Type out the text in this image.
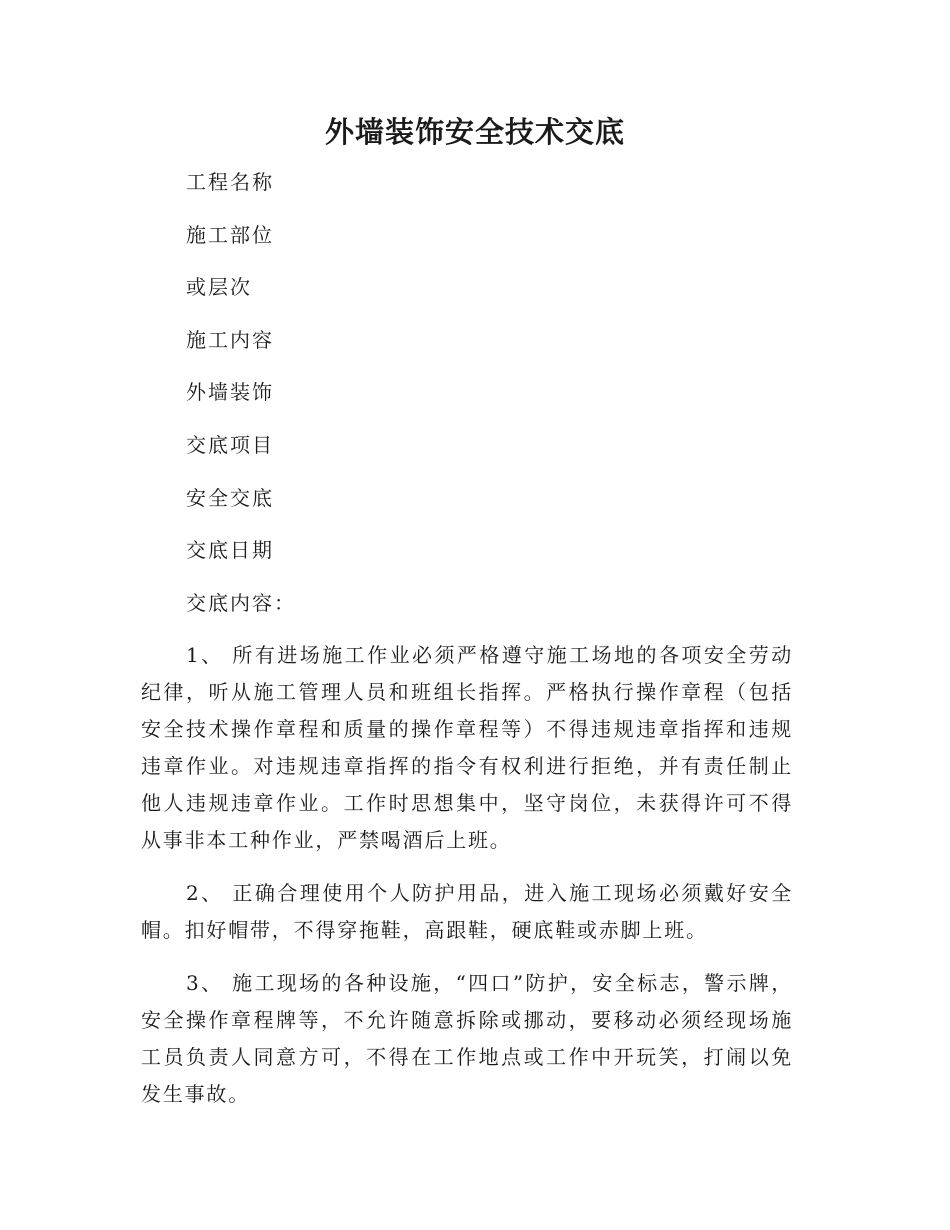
外墙装饰安全技术交底
工程名称
施工部位
或层次
施工内容
外墙装饰
交底项目
安全交底
交底日期
交底内容：

1、 所有进场施工作业必须严格遵守施工场地的各项安全劳动纪律，听从施工管理人员和班组长指挥。严格执行操作章程（包括安全技术操作章程和质量的操作章程等）不得违规违章指挥和违规违章作业。对违规违章指挥的指令有权利进行拒绝，并有责任制止他人违规违章作业。工作时思想集中，坚守岗位，未获得许可不得从事非本工种作业，严禁喝酒后上班。

2、 正确合理使用个人防护用品，进入施工现场必须戴好安全帽。扣好帽带，不得穿拖鞋，高跟鞋，硬底鞋或赤脚上班。

3、 施工现场的各种设施，“四口”防护，安全标志，警示牌，安全操作章程牌等，不允许随意拆除或挪动，要移动必须经现场施工员负责人同意方可，不得在工作地点或工作中开玩笑，打闹以免发生事故。
